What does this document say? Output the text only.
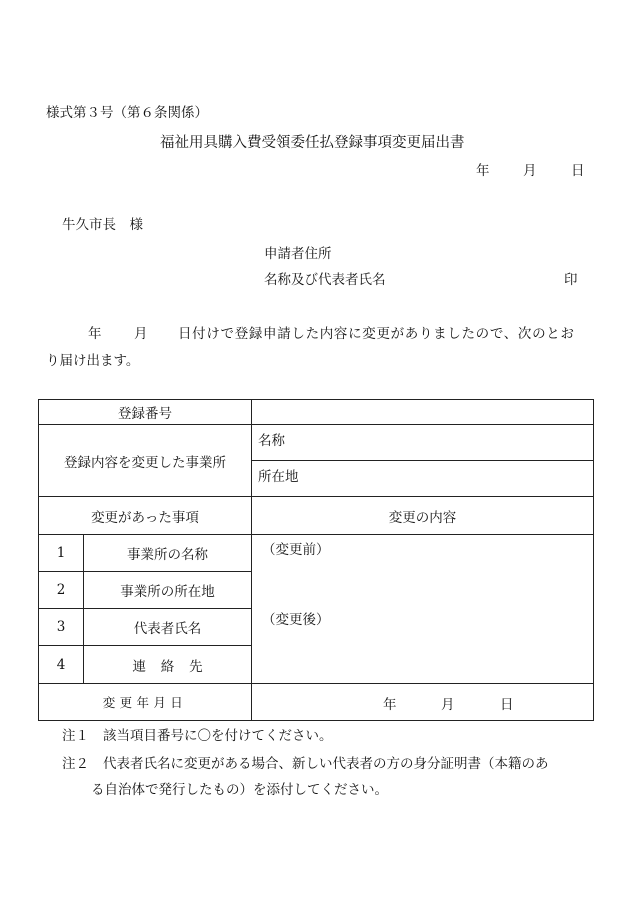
様式第３号（第６条関係）
福祉用具購入費受領委任払登録事項変更届出書
年 月	日
牛久市長　様
申請者住所
名称及び代表者氏名	印
年 月 日付けで登録申請した内容に変更がありましたので、次のとお
り届け出ます。
登録番号		
登録内容を変更した事業所		名称
		所在地
変更があった事項		変更の内容
1	事業所の名称	（変更前）
（変更後）

2	事業所の所在地	
3	代表者氏名	
4	連絡先	
変更年月日		年 月 日
注１ 該当項目番号に〇を付けてください。
注２ 代表者氏名に変更がある場合、新しい代表者の方の身分証明書（本籍のあ
る自治体で発行したもの）を添付してください。
